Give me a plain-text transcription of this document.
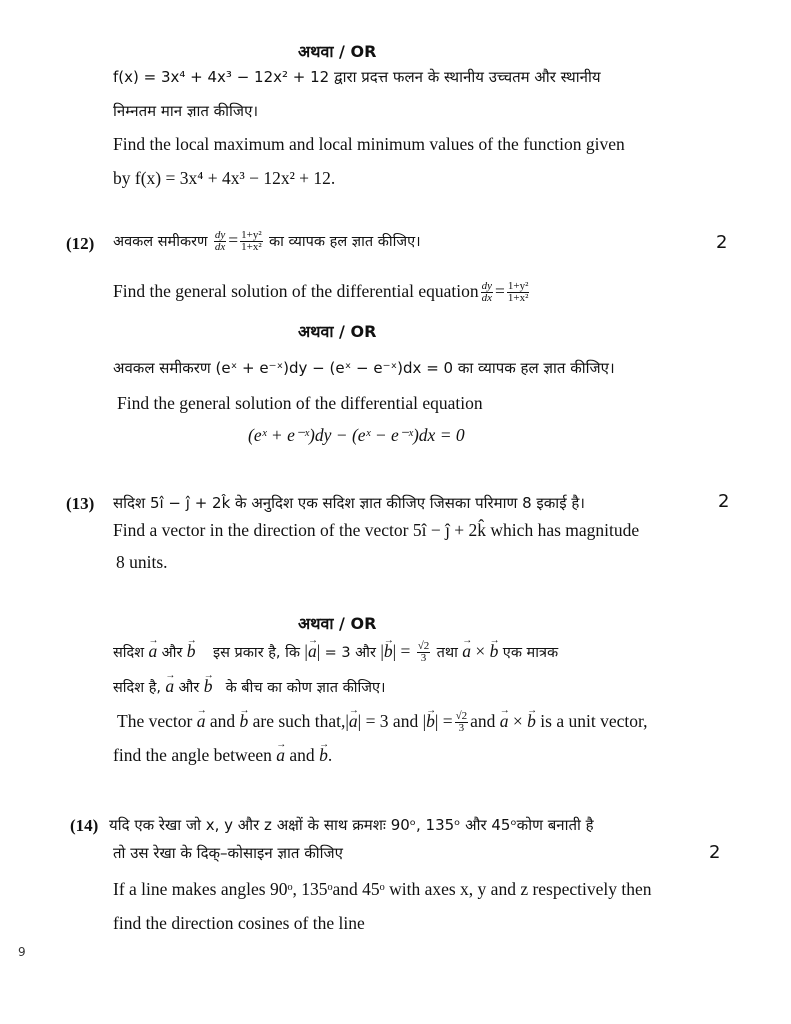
अथवा / OR
f(x) = 3x⁴ + 4x³ − 12x² + 12 द्वारा प्रदत्त फलन के स्थानीय उच्चतम और स्थानीय
निम्नतम मान ज्ञात कीजिए।
Find the local maximum and local minimum values of the function given
by f(x) = 3x⁴ + 4x³ − 12x² + 12.
(12) अवकल समीकरण $\frac{dy}{dx} = \frac{\text{1+y²}}{\text{1+x²}}$ का व्यापक हल ज्ञात कीजिए।	2
Find the general solution of the differential equation $\frac{dy}{dx} = \frac{\text{1+y²}}{\text{1+x²}}$
अथवा / OR
अवकल समीकरण (eˣ + e⁻ˣ)dy − (eˣ − e⁻ˣ)dx = 0 का व्यापक हल ज्ञात कीजिए।
Find the general solution of the differential equation
(eˣ + e⁻ˣ)dy − (eˣ − e⁻ˣ)dx = 0
(13) सदिश 5î − ĵ + 2k̂ के अनुदिश एक सदिश ज्ञात कीजिए जिसका परिमाण 8 इकाई है।	2
Find a vector in the direction of the vector 5î − ĵ + 2k̂ which has magnitude
8 units.
अथवा / OR
सदिश → a और → b इस प्रकार है, कि |→ a| = 3 और |→ $b| = \frac{√2}{3}$ तथा → a × → b एक मात्रक
सदिश है, → a और → b के बीच का कोण ज्ञात कीजिए।
The vector → a and → b are such that,|→ a| = 3 and |→ $b| = \frac{√2}{3}$ and → a × → b is a unit vector,
find the angle between → a and → b.
(14) यदि एक रेखा जो x, y और z अक्षों के साथ क्रमशः 90ᵒ, 135ᵒ और 45ᵒकोण बनाती है
तो उस रेखा के दिक्–कोसाइन ज्ञात कीजिए	2
If a line makes angles 90ᵒ, 135ᵒand 45ᵒ with axes x, y and z respectively then
find the direction cosines of the line
9
